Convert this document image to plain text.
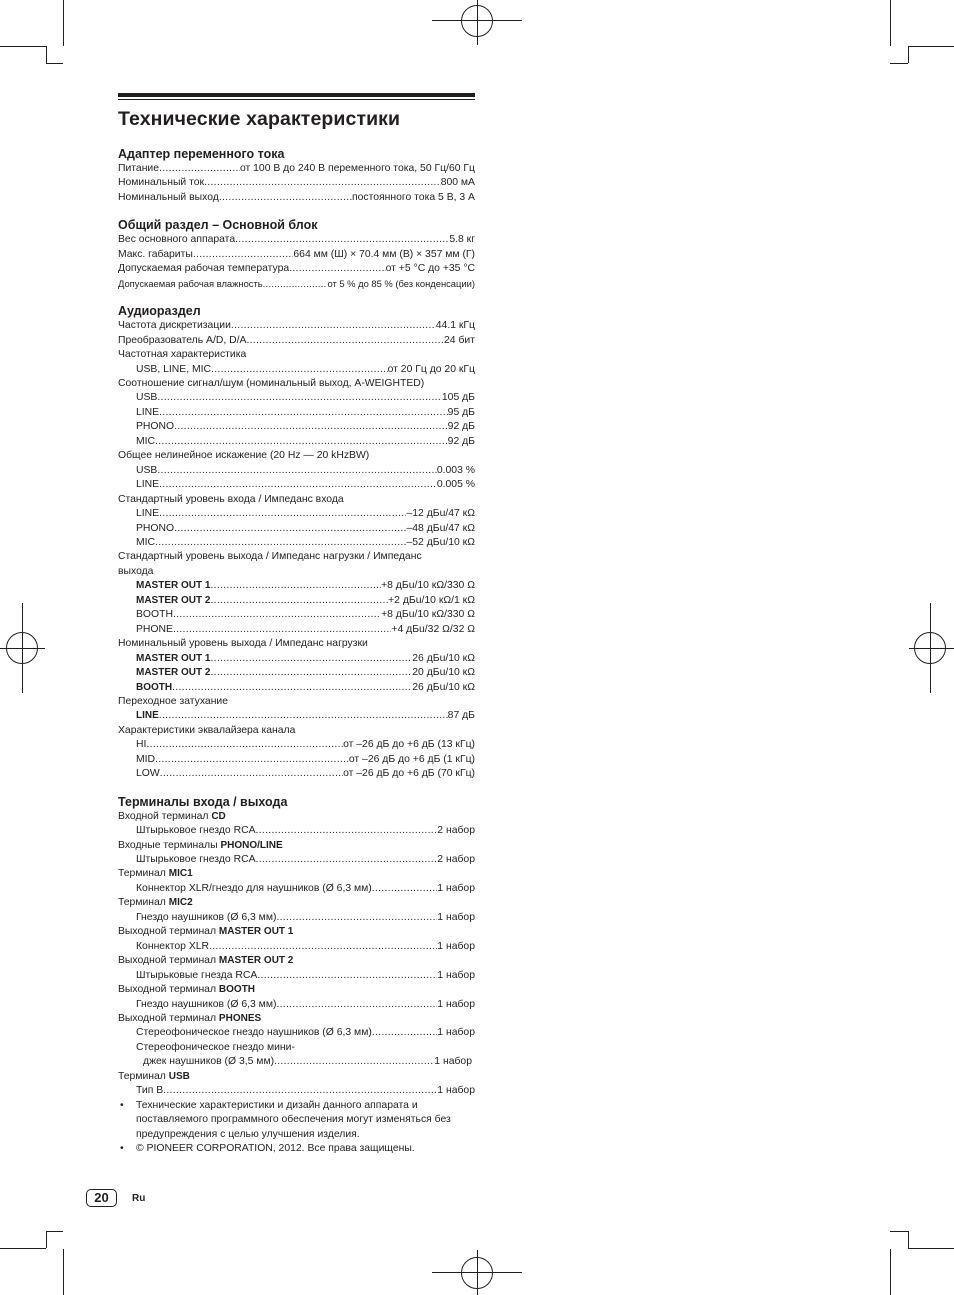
Технические характеристики
Адаптер переменного тока
Питание .....	от 100 В до 240 В переменного тока, 50 Гц/60 Гц
Номинальный ток .....	800 мА
Номинальный выход .....	постоянного тока 5 В, 3 А
Общий раздел – Основной блок
Вес основного аппарата .....	5.8 кг
Макс. габариты .....	664 мм (Ш) × 70.4 мм (В) × 357 мм (Г)
Допускаемая рабочая температура .....	от +5 °C до +35 °C
Допускаемая рабочая влажность .....	от 5 % до 85 % (без конденсации)
Аудиораздел
Частота дискретизации .....	44.1 кГц
Преобразователь A/D, D/A .....	24 бит
Частотная характеристика
USB, LINE, MIC .....	от 20 Гц до 20 кГц
Соотношение сигнал/шум (номинальный выход, A-WEIGHTED)
USB .....	105 дБ
LINE .....	95 дБ
PHONO .....	92 дБ
MIC .....	92 дБ
Общее нелинейное искажение (20 Hz — 20 kHzBW)
USB .....	0.003 %
LINE .....	0.005 %
Стандартный уровень входа / Импеданс входа
LINE .....	–12 дБu/47 кΩ
PHONO .....	–48 дБu/47 кΩ
MIC .....	–52 дБu/10 кΩ
Стандартный уровень выхода / Импеданс нагрузки / Импеданс выхода
MASTER OUT 1 .....	+8 дБu/10 кΩ/330 Ω
MASTER OUT 2 .....	+2 дБu/10 кΩ/1 кΩ
BOOTH .....	+8 дБu/10 кΩ/330 Ω
PHONE .....	+4 дБu/32 Ω/32 Ω
Номинальный уровень выхода / Импеданс нагрузки
MASTER OUT 1 .....	26 дБu/10 кΩ
MASTER OUT 2 .....	20 дБu/10 кΩ
BOOTH .....	26 дБu/10 кΩ
Переходное затухание
LINE .....	87 дБ
Характеристики эквалайзера канала
HI .....	от –26 дБ до +6 дБ (13 кГц)
MID .....	от –26 дБ до +6 дБ (1 кГц)
LOW .....	от –26 дБ до +6 дБ (70 кГц)
Терминалы входа / выхода
Входной терминал CD
Штырьковое гнездо RCA .....	2 набор
Входные терминалы PHONO/LINE
Штырьковое гнездо RCA .....	2 набор
Терминал MIC1
Коннектор XLR/гнездо для наушников (Ø 6,3 мм) .....	1 набор
Терминал MIC2
Гнездо наушников (Ø 6,3 мм) .....	1 набор
Выходной терминал MASTER OUT 1
Коннектор XLR .....	1 набор
Выходной терминал MASTER OUT 2
Штырьковые гнезда RCA .....	1 набор
Выходной терминал BOOTH
Гнездо наушников (Ø 6,3 мм) .....	1 набор
Выходной терминал PHONES
Стереофоническое гнездо наушников (Ø 6,3 мм) .....	1 набор
Стереофоническое гнездо мини-
джек наушников (Ø 3,5 мм) .....	1 набор
Терминал USB
Тип B .....	1 набор
•	Технические характеристики и дизайн данного аппарата и поставляемого программного обеспечения могут изменяться без предупреждения с целью улучшения изделия.
•	© PIONEER CORPORATION, 2012. Все права защищены.
20	Ru
